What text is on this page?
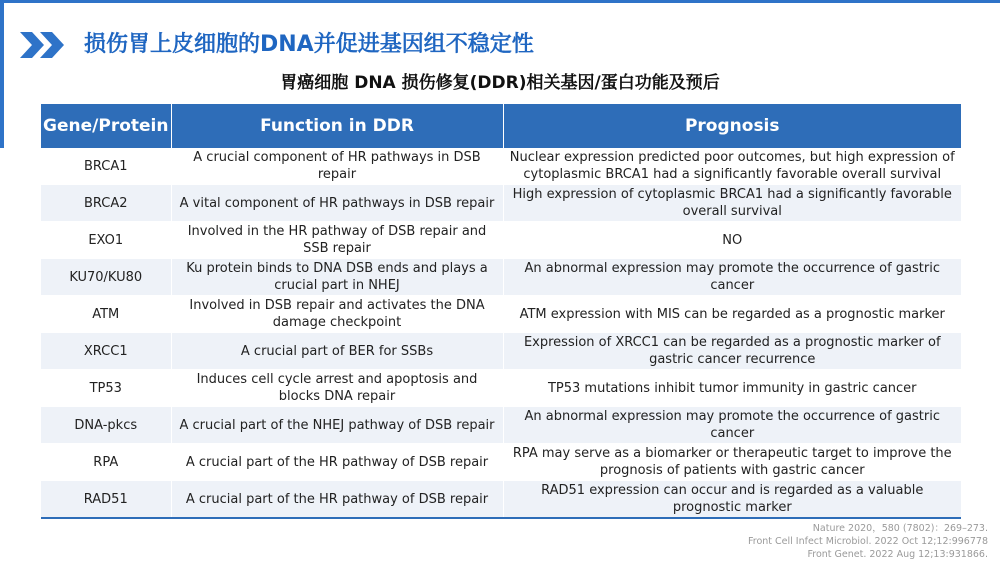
损伤胃上皮细胞的DNA并促进基因组不稳定性
胃癌细胞 DNA 损伤修复(DDR)相关基因/蛋白功能及预后
Gene/Protein	Function in DDR	Prognosis
BRCA1	A crucial component of HR pathways in DSB repair	Nuclear expression predicted poor outcomes, but high expression of cytoplasmic BRCA1 had a significantly favorable overall survival
BRCA2	A vital component of HR pathways in DSB repair	High expression of cytoplasmic BRCA1 had a significantly favorable overall survival
EXO1	Involved in the HR pathway of DSB repair and SSB repair	NO
KU70/KU80	Ku protein binds to DNA DSB ends and plays a crucial part in NHEJ	An abnormal expression may promote the occurrence of gastric cancer
ATM	Involved in DSB repair and activates the DNA damage checkpoint	ATM expression with MIS can be regarded as a prognostic marker
XRCC1	A crucial part of BER for SSBs	Expression of XRCC1 can be regarded as a prognostic marker of gastric cancer recurrence
TP53	Induces cell cycle arrest and apoptosis and blocks DNA repair	TP53 mutations inhibit tumor immunity in gastric cancer
DNA-pkcs	A crucial part of the NHEJ pathway of DSB repair	An abnormal expression may promote the occurrence of gastric cancer
RPA	A crucial part of the HR pathway of DSB repair	RPA may serve as a biomarker or therapeutic target to improve the prognosis of patients with gastric cancer
RAD51	A crucial part of the HR pathway of DSB repair	RAD51 expression can occur and is regarded as a valuable prognostic marker
Nature 2020，580 (7802)：269–273.
Front Cell Infect Microbiol. 2022 Oct 12;12:996778
Front Genet. 2022 Aug 12;13:931866.
